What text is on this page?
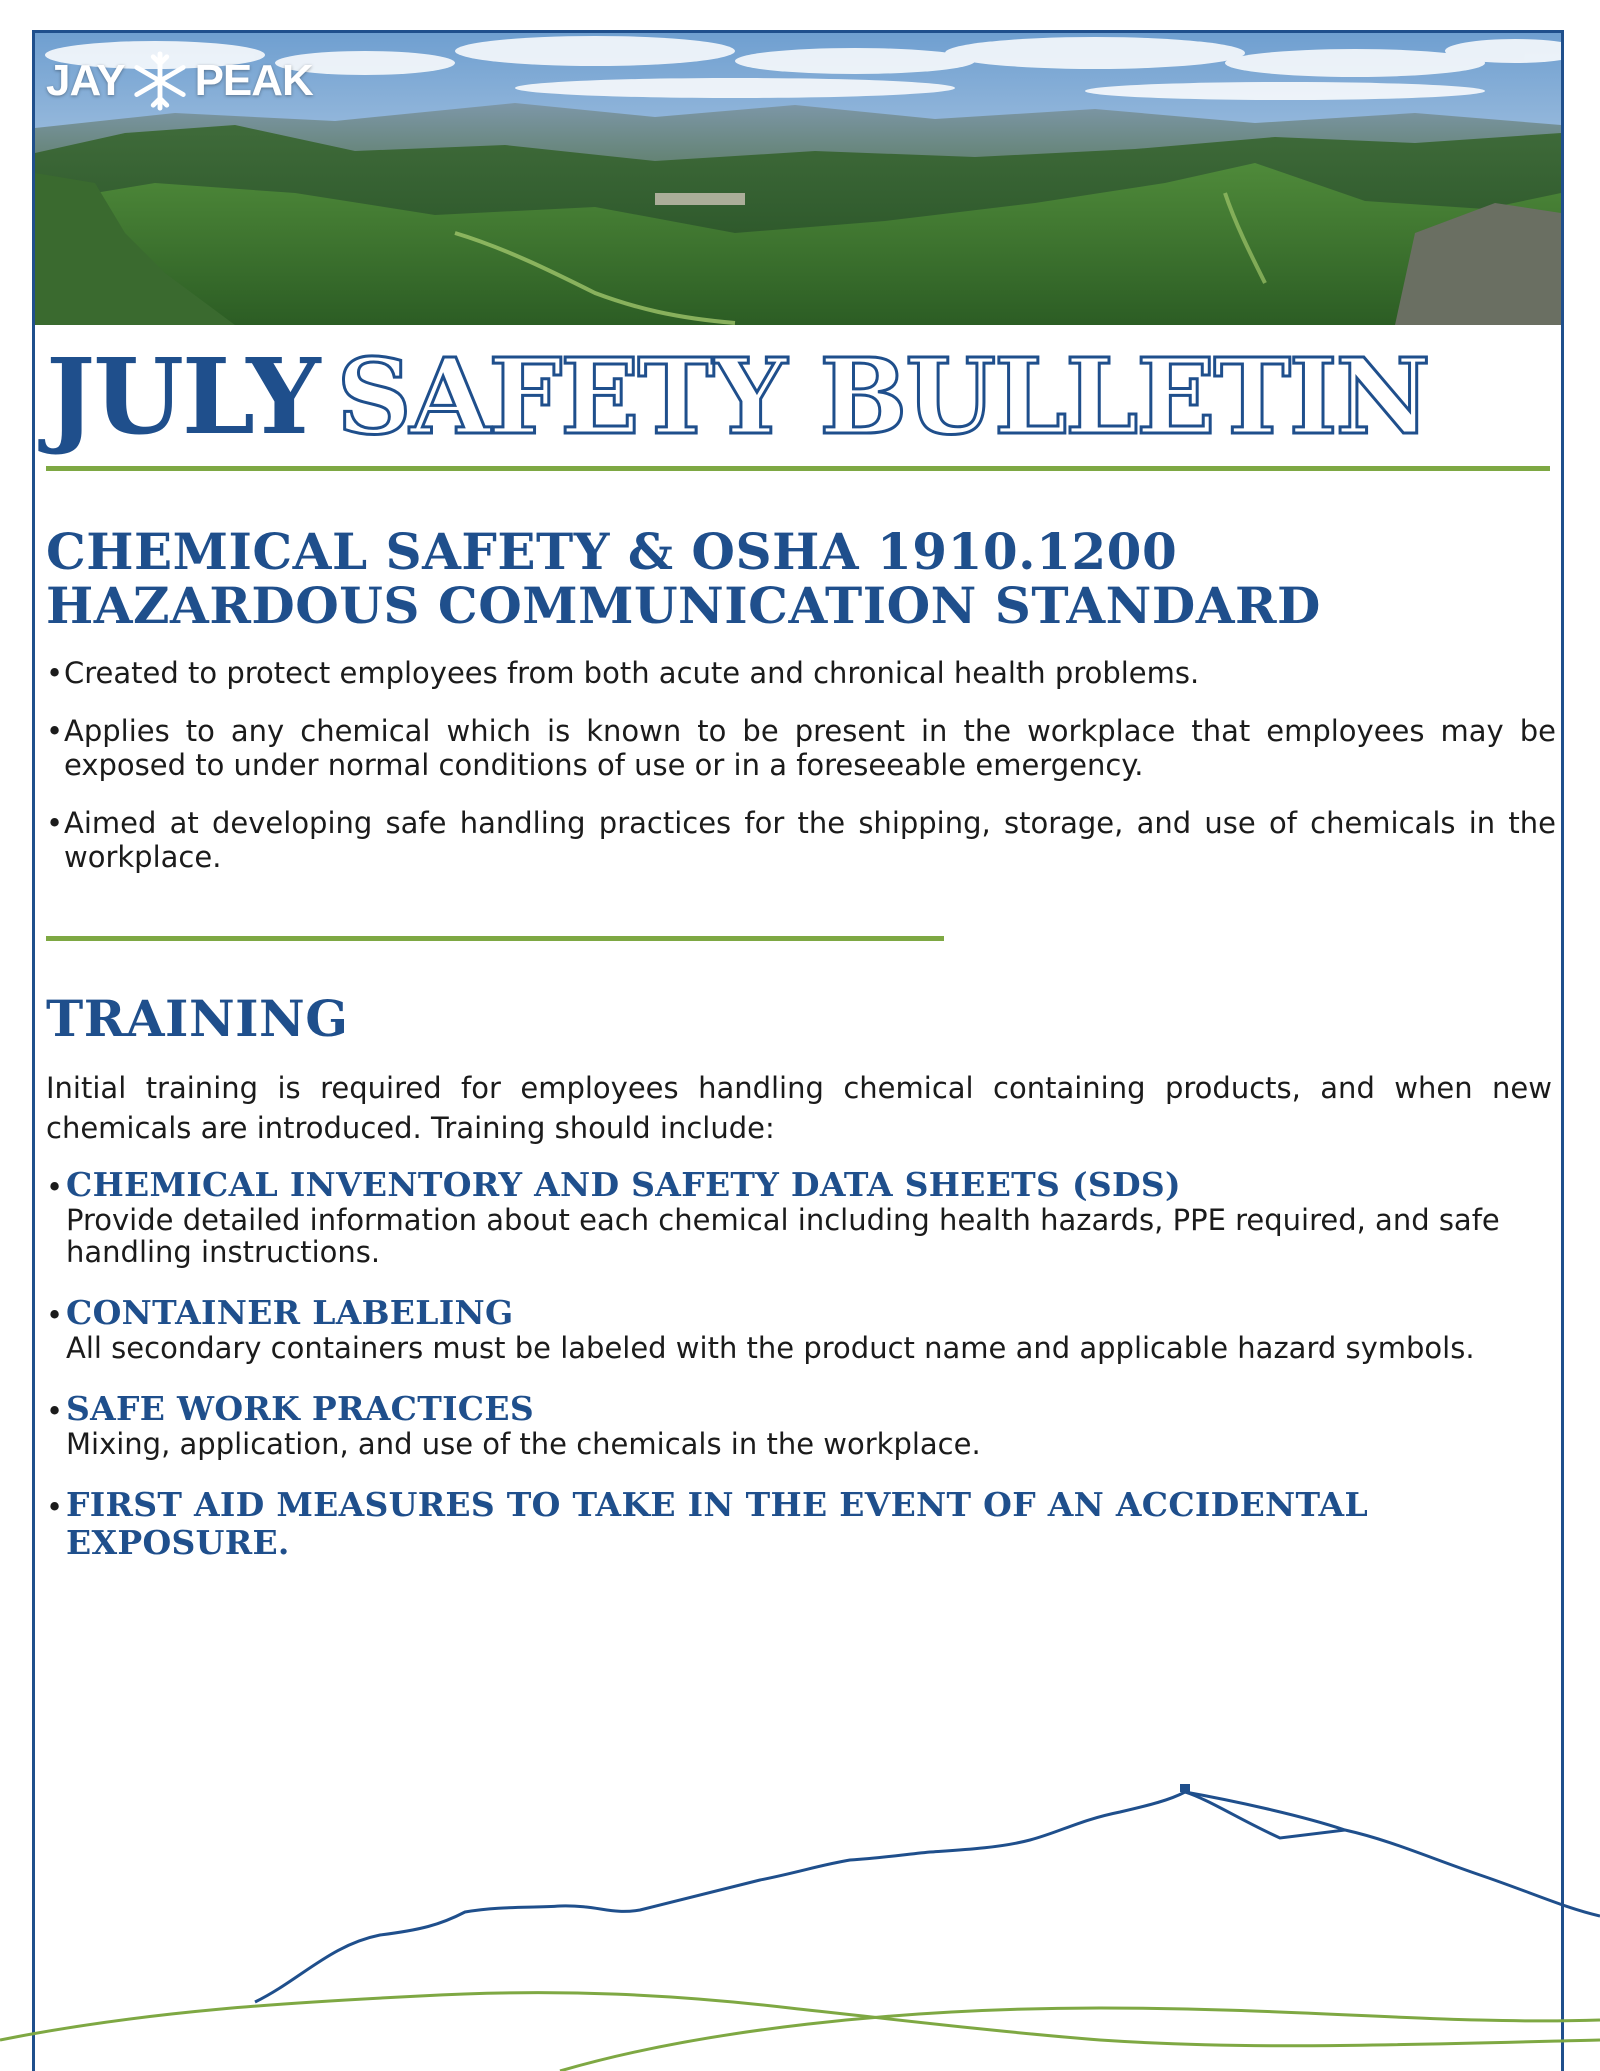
JAY PEAK
JULY SAFETY BULLETIN
CHEMICAL SAFETY & OSHA 1910.1200
HAZARDOUS COMMUNICATION STANDARD
• Created to protect employees from both acute and chronical health problems.
• Applies to any chemical which is known to be present in the workplace that employees may be exposed to under normal conditions of use or in a foreseeable emergency.
• Aimed at developing safe handling practices for the shipping, storage, and use of chemicals in the workplace.
TRAINING

Initial training is required for employees handling chemical containing products, and when new chemicals are introduced. Training should include:

• CHEMICAL INVENTORY AND SAFETY DATA SHEETS (SDS)
Provide detailed information about each chemical including health hazards, PPE required, and safe handling instructions.
• CONTAINER LABELING
All secondary containers must be labeled with the product name and applicable hazard symbols.
• SAFE WORK PRACTICES
Mixing, application, and use of the chemicals in the workplace.
• FIRST AID MEASURES TO TAKE IN THE EVENT OF AN ACCIDENTAL EXPOSURE.
